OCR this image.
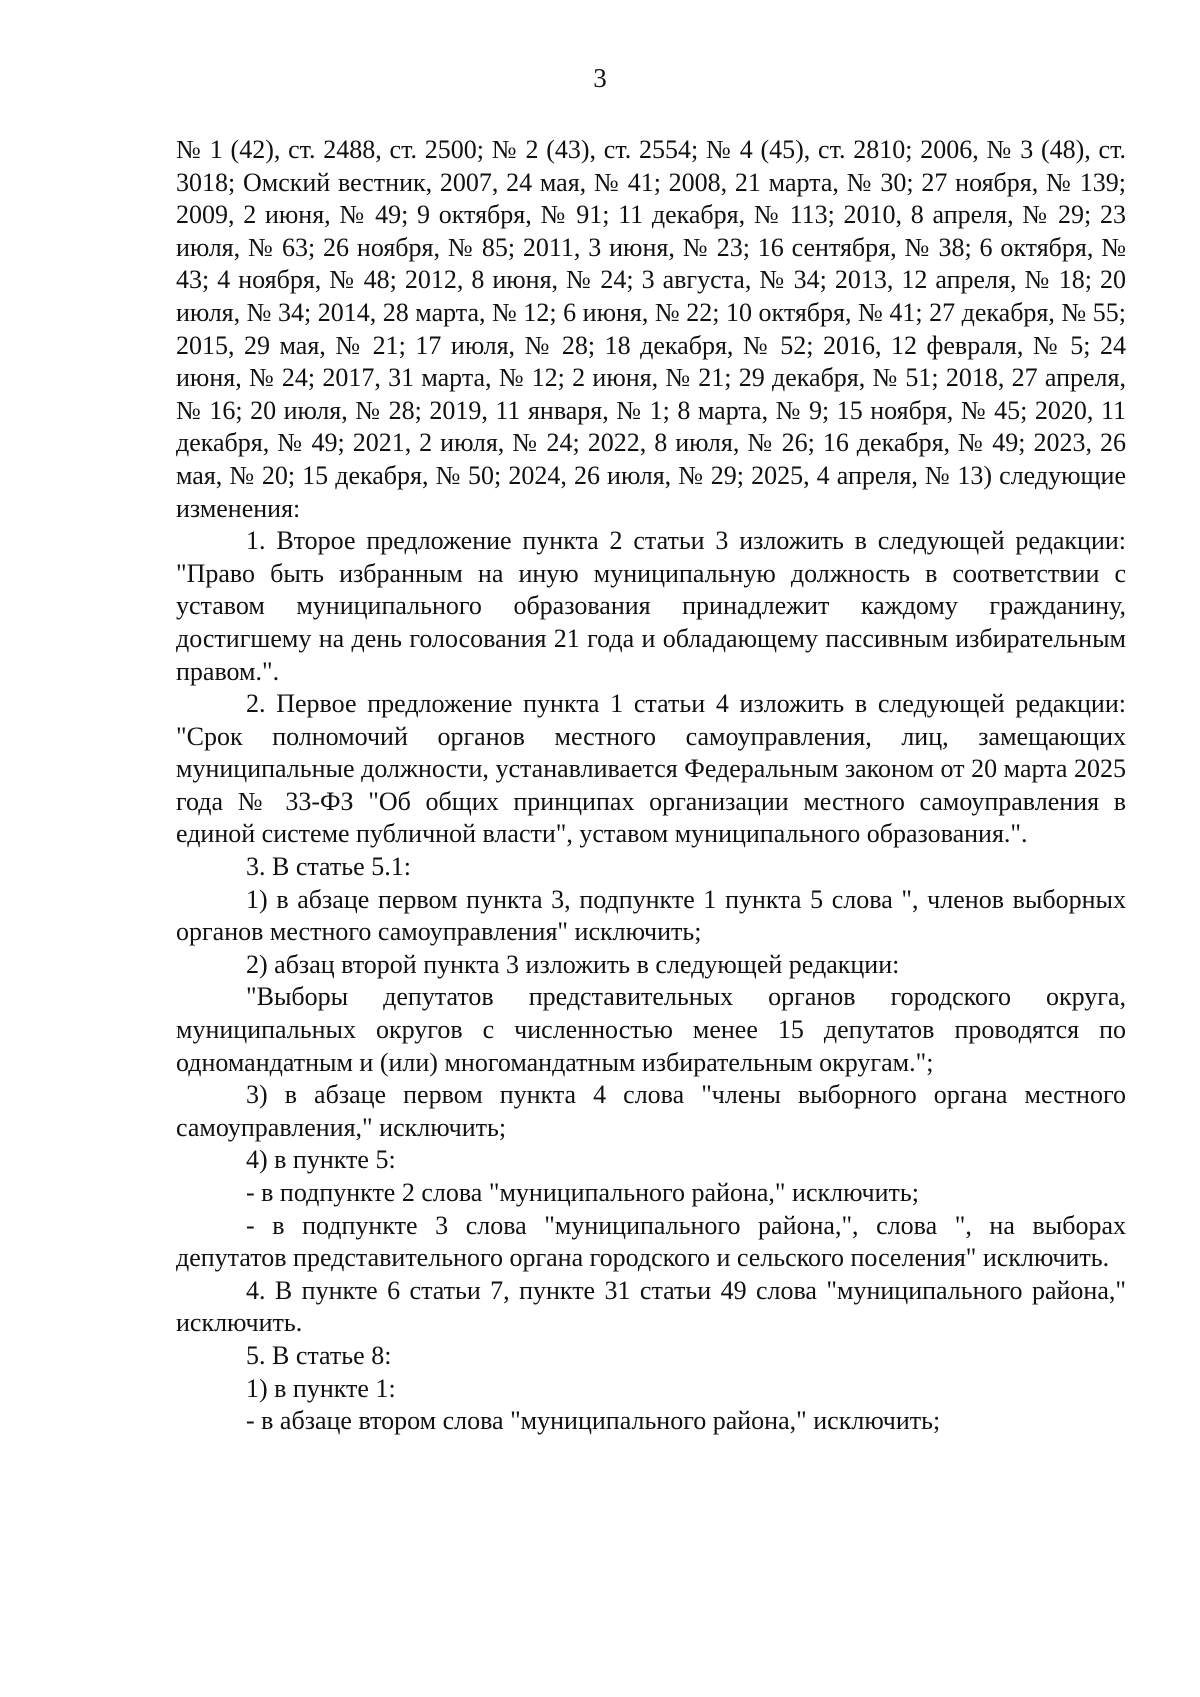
3

№ 1 (42), ст. 2488, ст. 2500; № 2 (43), ст. 2554; № 4 (45), ст. 2810; 2006, № 3 (48), ст. 3018; Омский вестник, 2007, 24 мая, № 41; 2008, 21 марта, № 30; 27 ноября, № 139; 2009, 2 июня, № 49; 9 октября, № 91; 11 декабря, № 113; 2010, 8 апреля, № 29; 23 июля, № 63; 26 ноября, № 85; 2011, 3 июня, № 23; 16 сентября, № 38; 6 октября, № 43; 4 ноября, № 48; 2012, 8 июня, № 24; 3 августа, № 34; 2013, 12 апреля, № 18; 20 июля, № 34; 2014, 28 марта, № 12; 6 июня, № 22; 10 октября, № 41; 27 декабря, № 55; 2015, 29 мая, № 21; 17 июля, № 28; 18 декабря, № 52; 2016, 12 февраля, № 5; 24 июня, № 24; 2017, 31 марта, № 12; 2 июня, № 21; 29 декабря, № 51; 2018, 27 апреля, № 16; 20 июля, № 28; 2019, 11 января, № 1; 8 марта, № 9; 15 ноября, № 45; 2020, 11 декабря, № 49; 2021, 2 июля, № 24; 2022, 8 июля, № 26; 16 декабря, № 49; 2023, 26 мая, № 20; 15 декабря, № 50; 2024, 26 июля, № 29; 2025, 4 апреля, № 13) следующие изменения:

1. Второе предложение пункта 2 статьи 3 изложить в следующей редакции: "Право быть избранным на иную муниципальную должность в соответствии с уставом муниципального образования принадлежит каждому гражданину, достигшему на день голосования 21 года и обладающему пассивным избирательным правом.".

2. Первое предложение пункта 1 статьи 4 изложить в следующей редакции: "Срок полномочий органов местного самоуправления, лиц, замещающих муниципальные должности, устанавливается Федеральным законом от 20 марта 2025 года № 33-ФЗ "Об общих принципах организации местного самоуправления в единой системе публичной власти", уставом муниципального образования.".

3. В статье 5.1:

1) в абзаце первом пункта 3, подпункте 1 пункта 5 слова ", членов выборных органов местного самоуправления" исключить;

2) абзац второй пункта 3 изложить в следующей редакции:

"Выборы депутатов представительных органов городского округа, муниципальных округов с численностью менее 15 депутатов проводятся по одномандатным и (или) многомандатным избирательным округам.";

3) в абзаце первом пункта 4 слова "члены выборного органа местного самоуправления," исключить;

4) в пункте 5:

- в подпункте 2 слова "муниципального района," исключить;

- в подпункте 3 слова "муниципального района,", слова ", на выборах депутатов представительного органа городского и сельского поселения" исключить.

4. В пункте 6 статьи 7, пункте 31 статьи 49 слова "муниципального района," исключить.

5. В статье 8:

1) в пункте 1:

- в абзаце втором слова "муниципального района," исключить;
